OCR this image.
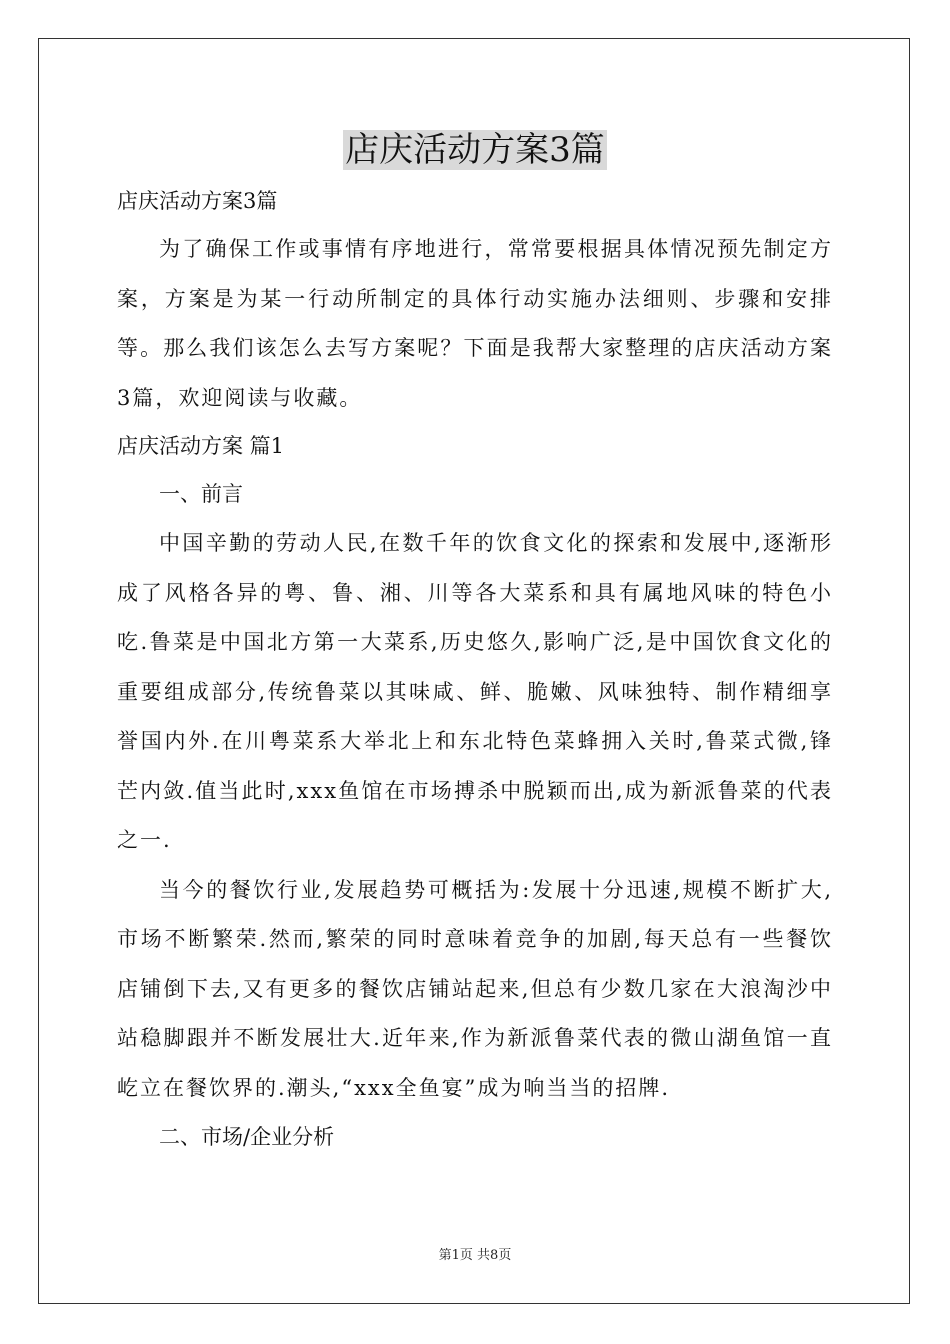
店庆活动方案3篇

店庆活动方案3篇

为了确保工作或事情有序地进行，常常要根据具体情况预先制定方案，方案是为某一行动所制定的具体行动实施办法细则、步骤和安排等。那么我们该怎么去写方案呢？下面是我帮大家整理的店庆活动方案3篇，欢迎阅读与收藏。

店庆活动方案 篇1

一、前言

中国辛勤的劳动人民,在数千年的饮食文化的探索和发展中,逐渐形成了风格各异的粤、鲁、湘、川等各大菜系和具有属地风味的特色小吃.鲁菜是中国北方第一大菜系,历史悠久,影响广泛,是中国饮食文化的重要组成部分,传统鲁菜以其味咸、鲜、脆嫩、风味独特、制作精细享誉国内外.在川粤菜系大举北上和东北特色菜蜂拥入关时,鲁菜式微,锋芒内敛.值当此时,xxx鱼馆在市场搏杀中脱颖而出,成为新派鲁菜的代表之一.

当今的餐饮行业,发展趋势可概括为:发展十分迅速,规模不断扩大,市场不断繁荣.然而,繁荣的同时意味着竞争的加剧,每天总有一些餐饮店铺倒下去,又有更多的餐饮店铺站起来,但总有少数几家在大浪淘沙中站稳脚跟并不断发展壮大.近年来,作为新派鲁菜代表的微山湖鱼馆一直屹立在餐饮界的.潮头,“xxx全鱼宴”成为响当当的招牌.

二、市场/企业分析

第1页 共8页
